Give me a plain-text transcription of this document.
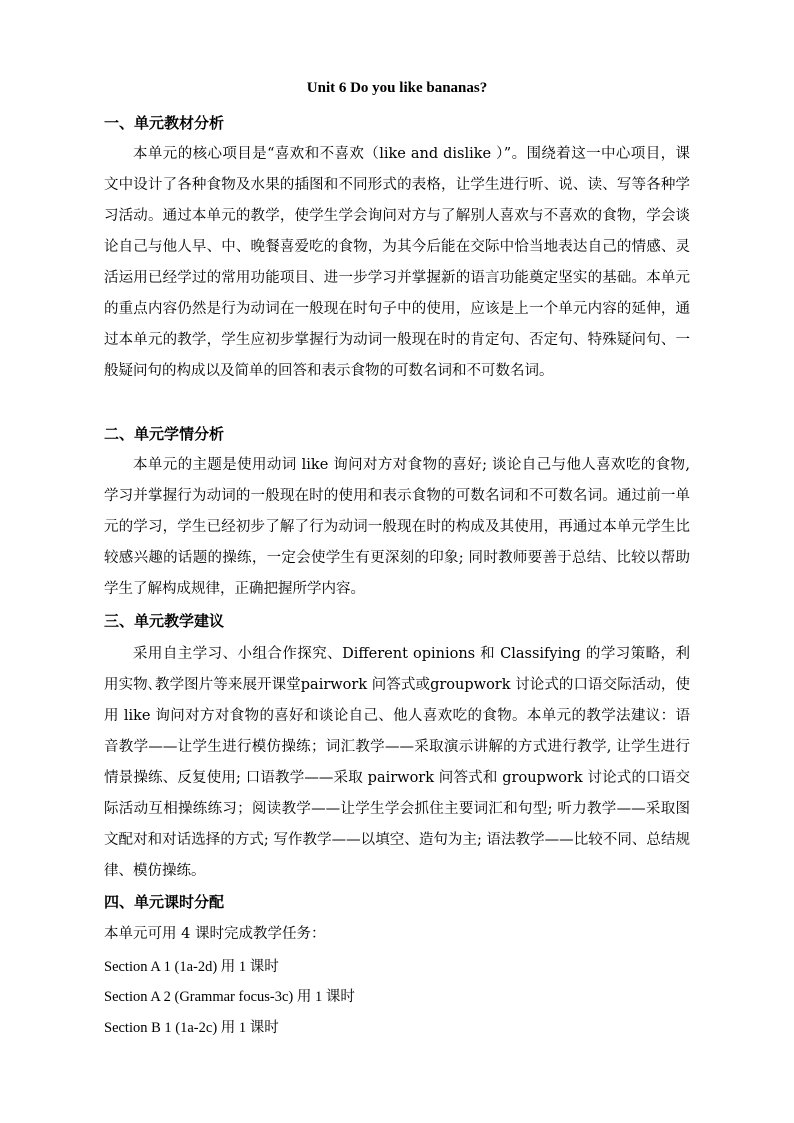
Unit 6 Do you like bananas?
一、单元教材分析

本单元的核心项目是“喜欢和不喜欢（like and dislike ）”。围绕着这一中心项目，课文中设计了各种食物及水果的插图和不同形式的表格，让学生进行听、说、读、写等各种学习活动。通过本单元的教学，使学生学会询问对方与了解别人喜欢与不喜欢的食物，学会谈论自己与他人早、中、晚餐喜爱吃的食物，为其今后能在交际中恰当地表达自己的情感、灵活运用已经学过的常用功能项目、进一步学习并掌握新的语言功能奠定坚实的基础。本单元的重点内容仍然是行为动词在一般现在时句子中的使用，应该是上一个单元内容的延伸，通过本单元的教学，学生应初步掌握行为动词一般现在时的肯定句、否定句、特殊疑问句、一般疑问句的构成以及简单的回答和表示食物的可数名词和不可数名词。

二、单元学情分析

本单元的主题是使用动词 like 询问对方对食物的喜好; 谈论自己与他人喜欢吃的食物,学习并掌握行为动词的一般现在时的使用和表示食物的可数名词和不可数名词。通过前一单元的学习，学生已经初步了解了行为动词一般现在时的构成及其使用，再通过本单元学生比较感兴趣的话题的操练，一定会使学生有更深刻的印象; 同时教师要善于总结、比较以帮助学生了解构成规律，正确把握所学内容。

三、单元教学建议

采用自主学习、小组合作探究、Different opinions 和 Classifying 的学习策略，利用实物､教学图片等来展开课堂pairwork 问答式或groupwork 讨论式的口语交际活动，使用 like 询问对方对食物的喜好和谈论自己、他人喜欢吃的食物。本单元的教学法建议：语音教学——让学生进行模仿操练；词汇教学——采取演示讲解的方式进行教学, 让学生进行情景操练、反复使用; 口语教学——采取 pairwork 问答式和 groupwork 讨论式的口语交际活动互相操练练习；阅读教学——让学生学会抓住主要词汇和句型; 听力教学——采取图文配对和对话选择的方式; 写作教学——以填空、造句为主; 语法教学——比较不同、总结规律、模仿操练。

四、单元课时分配
本单元可用 4 课时完成教学任务：
Section A 1 (1a-2d) 用 1 课时
Section A 2 (Grammar focus-3c) 用 1 课时
Section B 1 (1a-2c) 用 1 课时
